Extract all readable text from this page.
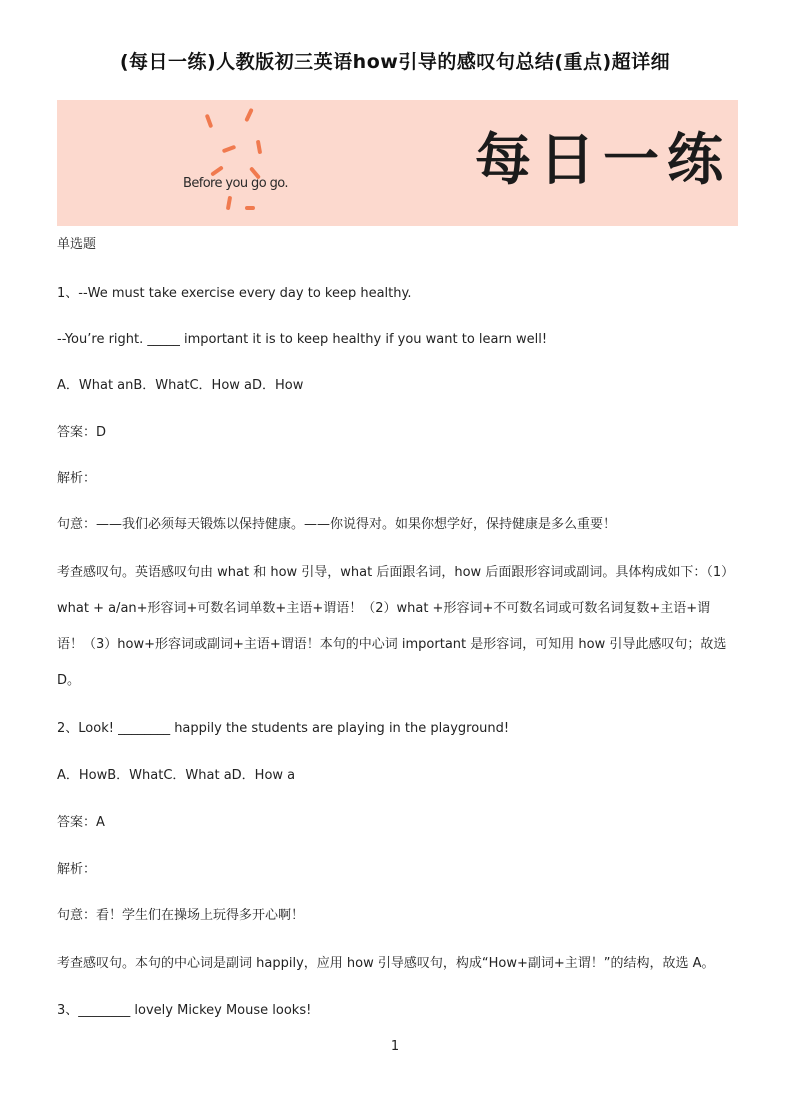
(每日一练)人教版初三英语how引导的感叹句总结(重点)超详细
Before you go go.	每日一练
单选题
1、--We must take exercise every day to keep healthy.
--You’re right. _____ important it is to keep healthy if you want to learn well!
A．What anB．WhatC．How aD．How
答案：D
解析：
句意：——我们必须每天锻炼以保持健康。——你说得对。如果你想学好，保持健康是多么重要！
考查感叹句。英语感叹句由 what 和 how 引导，what 后面跟名词，how 后面跟形容词或副词。具体构成如下：（1）what + a/an+形容词+可数名词单数+主语+谓语！（2）what +形容词+不可数名词或可数名词复数+主语+谓语！（3）how+形容词或副词+主语+谓语！本句的中心词 important 是形容词，可知用 how 引导此感叹句；故选 D。
2、Look! ________ happily the students are playing in the playground!
A．HowB．WhatC．What aD．How a
答案：A
解析：
句意：看！学生们在操场上玩得多开心啊！
考查感叹句。本句的中心词是副词 happily，应用 how 引导感叹句，构成“How+副词+主谓！”的结构，故选 A。
3、________ lovely Mickey Mouse looks!
1
